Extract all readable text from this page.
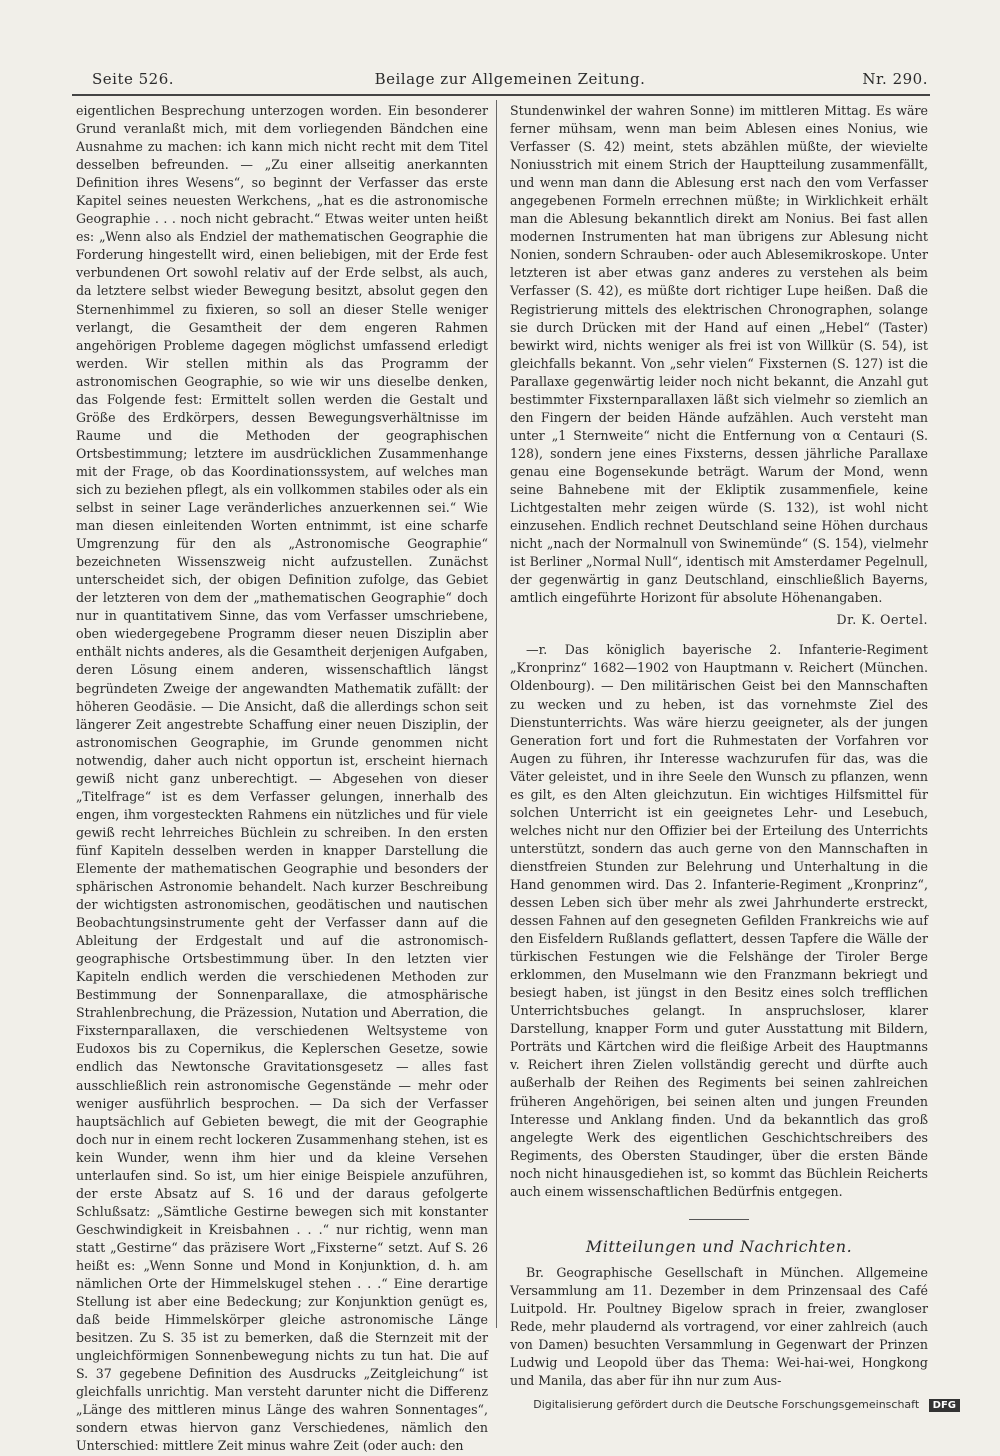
Seite 526.	Beilage zur Allgemeinen Zeitung.	Nr. 290.

eigentlichen Besprechung unterzogen worden. Ein besonderer Grund veranlaßt mich, mit dem vorliegenden Bändchen eine Ausnahme zu machen: ich kann mich nicht recht mit dem Titel desselben befreunden. — „Zu einer allseitig anerkannten Definition ihres Wesens“, so beginnt der Verfasser das erste Kapitel seines neuesten Werkchens, „hat es die astronomische Geographie . . . noch nicht gebracht.“ Etwas weiter unten heißt es: „Wenn also als Endziel der mathematischen Geographie die Forderung hingestellt wird, einen beliebigen, mit der Erde fest verbundenen Ort sowohl relativ auf der Erde selbst, als auch, da letztere selbst wieder Bewegung besitzt, absolut gegen den Sternenhimmel zu fixieren, so soll an dieser Stelle weniger verlangt, die Gesamtheit der dem engeren Rahmen angehörigen Probleme dagegen möglichst umfassend erledigt werden. Wir stellen mithin als das Programm der astronomischen Geographie, so wie wir uns dieselbe denken, das Folgende fest: Ermittelt sollen werden die Gestalt und Größe des Erdkörpers, dessen Bewegungsverhältnisse im Raume und die Methoden der geographischen Ortsbestimmung; letztere im ausdrücklichen Zusammenhange mit der Frage, ob das Koordinationssystem, auf welches man sich zu beziehen pflegt, als ein vollkommen stabiles oder als ein selbst in seiner Lage veränderliches anzuerkennen sei.“ Wie man diesen einleitenden Worten entnimmt, ist eine scharfe Umgrenzung für den als „Astronomische Geographie“ bezeichneten Wissenszweig nicht aufzustellen. Zunächst unterscheidet sich, der obigen Definition zufolge, das Gebiet der letzteren von dem der „mathematischen Geographie“ doch nur in quantitativem Sinne, das vom Verfasser umschriebene, oben wiedergegebene Programm dieser neuen Disziplin aber enthält nichts anderes, als die Gesamtheit derjenigen Aufgaben, deren Lösung einem anderen, wissenschaftlich längst begründeten Zweige der angewandten Mathematik zufällt: der höheren Geodäsie. — Die Ansicht, daß die allerdings schon seit längerer Zeit angestrebte Schaffung einer neuen Disziplin, der astronomischen Geographie, im Grunde genommen nicht notwendig, daher auch nicht opportun ist, erscheint hiernach gewiß nicht ganz unberechtigt. — Abgesehen von dieser „Titelfrage“ ist es dem Verfasser gelungen, innerhalb des engen, ihm vorgesteckten Rahmens ein nützliches und für viele gewiß recht lehrreiches Büchlein zu schreiben. In den ersten fünf Kapiteln desselben werden in knapper Darstellung die Elemente der mathematischen Geographie und besonders der sphärischen Astronomie behandelt. Nach kurzer Beschreibung der wichtigsten astronomischen, geodätischen und nautischen Beobachtungsinstrumente geht der Verfasser dann auf die Ableitung der Erdgestalt und auf die astronomisch-geographische Ortsbestimmung über. In den letzten vier Kapiteln endlich werden die verschiedenen Methoden zur Bestimmung der Sonnenparallaxe, die atmosphärische Strahlenbrechung, die Präzession, Nutation und Aberration, die Fixsternparallaxen, die verschiedenen Weltsysteme von Eudoxos bis zu Copernikus, die Keplerschen Gesetze, sowie endlich das Newtonsche Gravitationsgesetz — alles fast ausschließlich rein astronomische Gegenstände — mehr oder weniger ausführlich besprochen. — Da sich der Verfasser hauptsächlich auf Gebieten bewegt, die mit der Geographie doch nur in einem recht lockeren Zusammenhang stehen, ist es kein Wunder, wenn ihm hier und da kleine Versehen unterlaufen sind. So ist, um hier einige Beispiele anzuführen, der erste Absatz auf S. 16 und der daraus gefolgerte Schlußsatz: „Sämtliche Gestirne bewegen sich mit konstanter Geschwindigkeit in Kreisbahnen . . .“ nur richtig, wenn man statt „Gestirne“ das präzisere Wort „Fixsterne“ setzt. Auf S. 26 heißt es: „Wenn Sonne und Mond in Konjunktion, d. h. am nämlichen Orte der Himmelskugel stehen . . .“ Eine derartige Stellung ist aber eine Bedeckung; zur Konjunktion genügt es, daß beide Himmelskörper gleiche astronomische Länge besitzen. Zu S. 35 ist zu bemerken, daß die Sternzeit mit der ungleichförmigen Sonnenbewegung nichts zu tun hat. Die auf S. 37 gegebene Definition des Ausdrucks „Zeitgleichung“ ist gleichfalls unrichtig. Man versteht darunter nicht die Differenz „Länge des mittleren minus Länge des wahren Sonnentages“, sondern etwas hiervon ganz Verschiedenes, nämlich den Unterschied: mittlere Zeit minus wahre Zeit (oder auch: den

Stundenwinkel der wahren Sonne) im mittleren Mittag. Es wäre ferner mühsam, wenn man beim Ablesen eines Nonius, wie Verfasser (S. 42) meint, stets abzählen müßte, der wievielte Noniusstrich mit einem Strich der Hauptteilung zusammenfällt, und wenn man dann die Ablesung erst nach den vom Verfasser angegebenen Formeln errechnen müßte; in Wirklichkeit erhält man die Ablesung bekanntlich direkt am Nonius. Bei fast allen modernen Instrumenten hat man übrigens zur Ablesung nicht Nonien, sondern Schrauben- oder auch Ablesemikroskope. Unter letzteren ist aber etwas ganz anderes zu verstehen als beim Verfasser (S. 42), es müßte dort richtiger Lupe heißen. Daß die Registrierung mittels des elektrischen Chronographen, solange sie durch Drücken mit der Hand auf einen „Hebel“ (Taster) bewirkt wird, nichts weniger als frei ist von Willkür (S. 54), ist gleichfalls bekannt. Von „sehr vielen“ Fixsternen (S. 127) ist die Parallaxe gegenwärtig leider noch nicht bekannt, die Anzahl gut bestimmter Fixsternparallaxen läßt sich vielmehr so ziemlich an den Fingern der beiden Hände aufzählen. Auch versteht man unter „1 Sternweite“ nicht die Entfernung von α Centauri (S. 128), sondern jene eines Fixsterns, dessen jährliche Parallaxe genau eine Bogensekunde beträgt. Warum der Mond, wenn seine Bahnebene mit der Ekliptik zusammenfiele, keine Lichtgestalten mehr zeigen würde (S. 132), ist wohl nicht einzusehen. Endlich rechnet Deutschland seine Höhen durchaus nicht „nach der Normalnull von Swinemünde“ (S. 154), vielmehr ist Berliner „Normal Null“, identisch mit Amsterdamer Pegelnull, der gegenwärtig in ganz Deutschland, einschließlich Bayerns, amtlich eingeführte Horizont für absolute Höhenangaben.

Dr. K. Oertel.

—r. Das königlich bayerische 2. Infanterie-Regiment „Kronprinz“ 1682—1902 von Hauptmann v. Reichert (München. Oldenbourg). — Den militärischen Geist bei den Mannschaften zu wecken und zu heben, ist das vornehmste Ziel des Dienstunterrichts. Was wäre hierzu geeigneter, als der jungen Generation fort und fort die Ruhmestaten der Vorfahren vor Augen zu führen, ihr Interesse wachzurufen für das, was die Väter geleistet, und in ihre Seele den Wunsch zu pflanzen, wenn es gilt, es den Alten gleichzutun. Ein wichtiges Hilfsmittel für solchen Unterricht ist ein geeignetes Lehr- und Lesebuch, welches nicht nur den Offizier bei der Erteilung des Unterrichts unterstützt, sondern das auch gerne von den Mannschaften in dienstfreien Stunden zur Belehrung und Unterhaltung in die Hand genommen wird. Das 2. Infanterie-Regiment „Kronprinz“, dessen Leben sich über mehr als zwei Jahrhunderte erstreckt, dessen Fahnen auf den gesegneten Gefilden Frankreichs wie auf den Eisfeldern Rußlands geflattert, dessen Tapfere die Wälle der türkischen Festungen wie die Felshänge der Tiroler Berge erklommen, den Muselmann wie den Franzmann bekriegt und besiegt haben, ist jüngst in den Besitz eines solch trefflichen Unterrichtsbuches gelangt. In anspruchsloser, klarer Darstellung, knapper Form und guter Ausstattung mit Bildern, Porträts und Kärtchen wird die fleißige Arbeit des Hauptmanns v. Reichert ihren Zielen vollständig gerecht und dürfte auch außerhalb der Reihen des Regiments bei seinen zahlreichen früheren Angehörigen, bei seinen alten und jungen Freunden Interesse und Anklang finden. Und da bekanntlich das groß angelegte Werk des eigentlichen Geschichtschreibers des Regiments, des Obersten Staudinger, über die ersten Bände noch nicht hinausgediehen ist, so kommt das Büchlein Reicherts auch einem wissenschaftlichen Bedürfnis entgegen.

Mitteilungen und Nachrichten.

Br. Geographische Gesellschaft in München. Allgemeine Versammlung am 11. Dezember in dem Prinzensaal des Café Luitpold. Hr. Poultney Bigelow sprach in freier, zwangloser Rede, mehr plaudernd als vortragend, vor einer zahlreich (auch von Damen) besuchten Versammlung in Gegenwart der Prinzen Ludwig und Leopold über das Thema: Wei-hai-wei, Hongkong und Manila, das aber für ihn nur zum Aus-

Digitalisierung gefördert durch die Deutsche Forschungsgemeinschaft DFG
